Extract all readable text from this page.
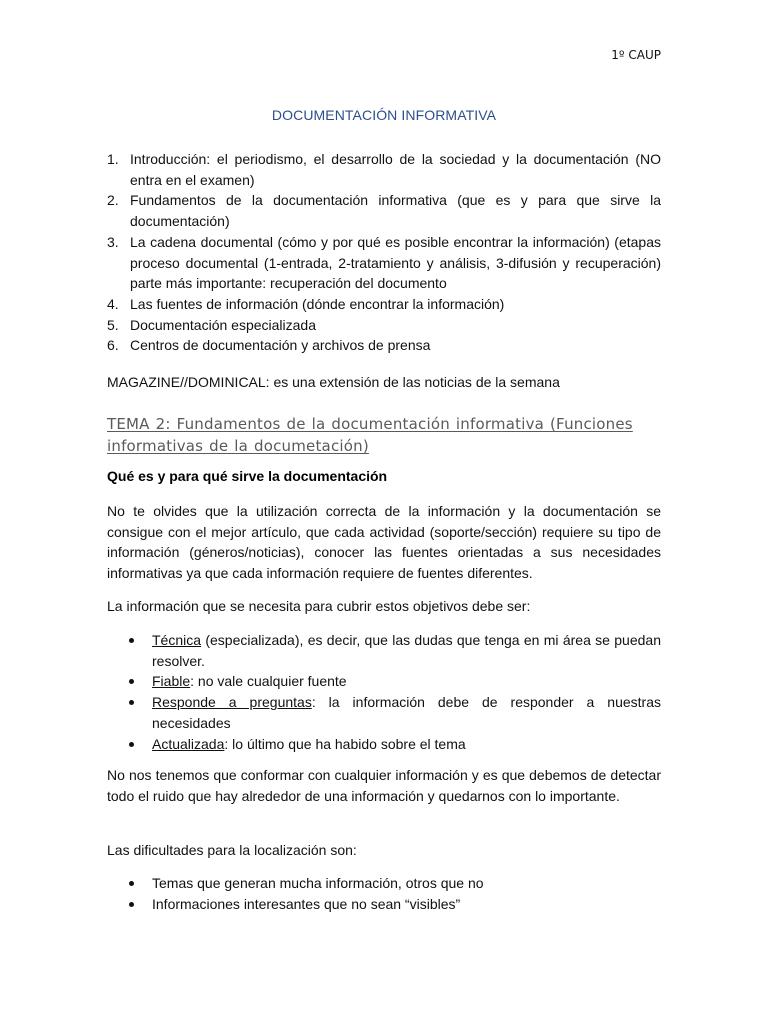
1º CAUP
DOCUMENTACIÓN INFORMATIVA
1. Introducción: el periodismo, el desarrollo de la sociedad y la documentación (NO entra en el examen)
2. Fundamentos de la documentación informativa (que es y para que sirve la documentación)
3. La cadena documental (cómo y por qué es posible encontrar la información) (etapas proceso documental (1-entrada, 2-tratamiento y análisis, 3-difusión y recuperación) parte más importante: recuperación del documento
4. Las fuentes de información (dónde encontrar la información)
5. Documentación especializada
6. Centros de documentación y archivos de prensa

MAGAZINE//DOMINICAL: es una extensión de las noticias de la semana

TEMA 2: Fundamentos de la documentación informativa (Funciones informativas de la documetación)

Qué es y para qué sirve la documentación

No te olvides que la utilización correcta de la información y la documentación se consigue con el mejor artículo, que cada actividad (soporte/sección) requiere su tipo de información (géneros/noticias), conocer las fuentes orientadas a sus necesidades informativas ya que cada información requiere de fuentes diferentes.

La información que se necesita para cubrir estos objetivos debe ser:

Técnica (especializada), es decir, que las dudas que tenga en mi área se puedan resolver.
Fiable: no vale cualquier fuente
Responde a preguntas: la información debe de responder a nuestras necesidades
Actualizada: lo último que ha habido sobre el tema

No nos tenemos que conformar con cualquier información y es que debemos de detectar todo el ruido que hay alrededor de una información y quedarnos con lo importante.

Las dificultades para la localización son:

Temas que generan mucha información, otros que no
Informaciones interesantes que no sean “visibles”
